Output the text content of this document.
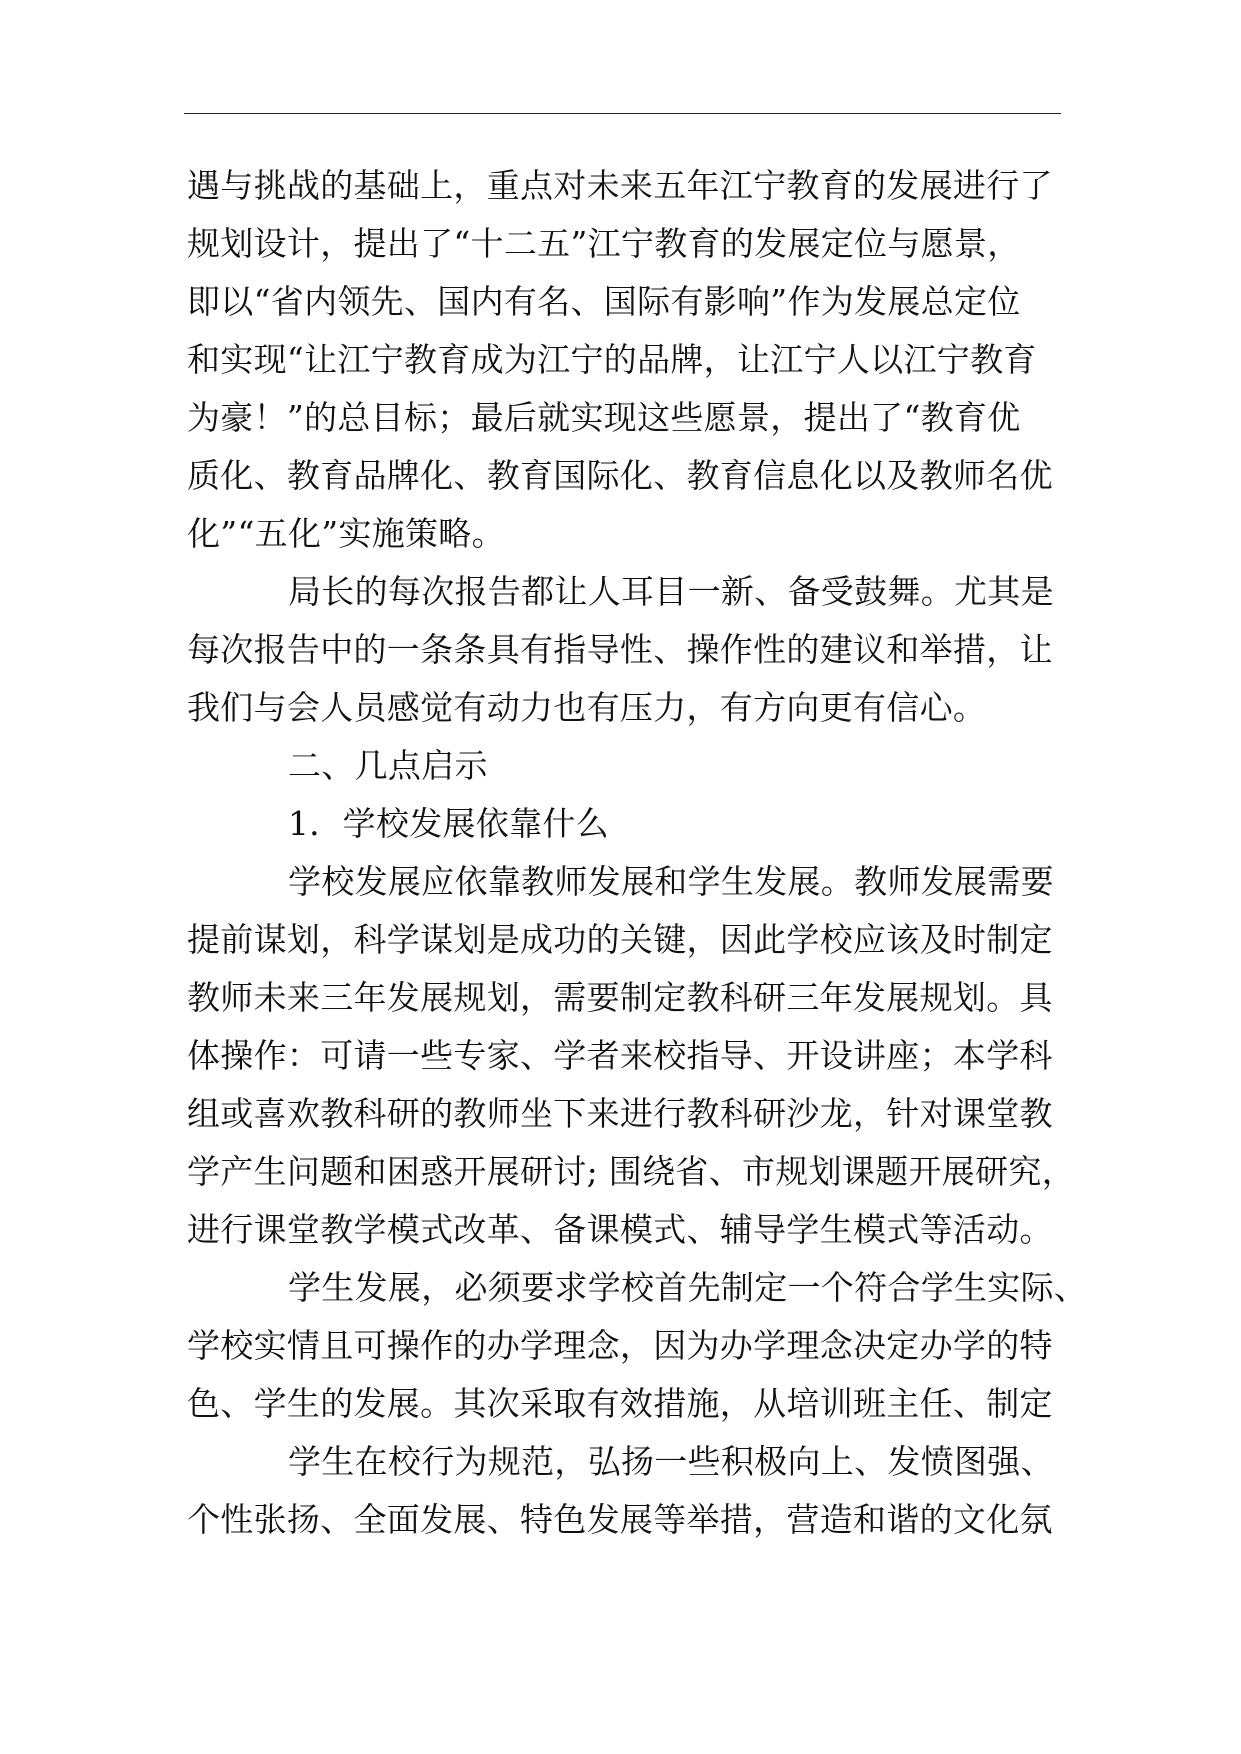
遇与挑战的基础上，重点对未来五年江宁教育的发展进行了
规划设计，提出了“十二五”江宁教育的发展定位与愿景，
即以“省内领先、国内有名、国际有影响”作为发展总定位
和实现“让江宁教育成为江宁的品牌，让江宁人以江宁教育
为豪！”的总目标；最后就实现这些愿景，提出了“教育优
质化、教育品牌化、教育国际化、教育信息化以及教师名优
化”“五化”实施策略。
局长的每次报告都让人耳目一新、备受鼓舞。尤其是
每次报告中的一条条具有指导性、操作性的建议和举措，让
我们与会人员感觉有动力也有压力，有方向更有信心。
二、几点启示
1．学校发展依靠什么
学校发展应依靠教师发展和学生发展。教师发展需要
提前谋划，科学谋划是成功的关键，因此学校应该及时制定
教师未来三年发展规划，需要制定教科研三年发展规划。具
体操作：可请一些专家、学者来校指导、开设讲座；本学科
组或喜欢教科研的教师坐下来进行教科研沙龙，针对课堂教
学产生问题和困惑开展研讨; 围绕省、市规划课题开展研究，
进行课堂教学模式改革、备课模式、辅导学生模式等活动。
学生发展，必须要求学校首先制定一个符合学生实际、
学校实情且可操作的办学理念，因为办学理念决定办学的特
色、学生的发展。其次采取有效措施，从培训班主任、制定
学生在校行为规范，弘扬一些积极向上、发愤图强、
个性张扬、全面发展、特色发展等举措，营造和谐的文化氛
